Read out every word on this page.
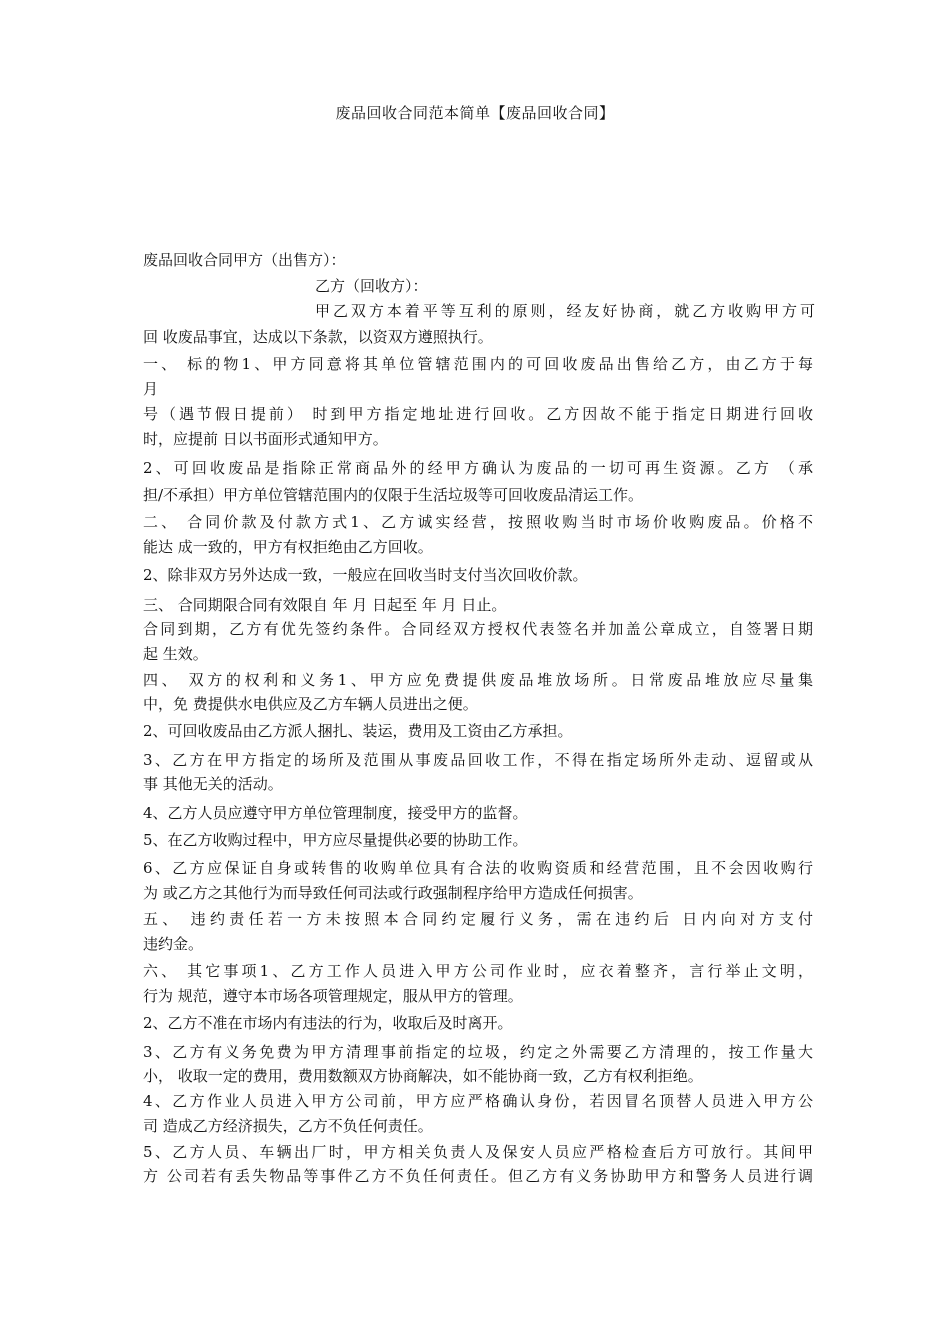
废品回收合同范本简单【废品回收合同】
废品回收合同甲方（出售方）：
乙方（回收方）：
甲乙双方本着平等互利的原则，经友好协商，就乙方收购甲方可
回 收废品事宜，达成以下条款，以资双方遵照执行。
一、 标的物1、甲方同意将其单位管辖范围内的可回收废品出售给乙方，由乙方于每
月
号（遇节假日提前） 时到甲方指定地址进行回收。乙方因故不能于指定日期进行回收
时，应提前 日以书面形式通知甲方。
2、可回收废品是指除正常商品外的经甲方确认为废品的一切可再生资源。乙方 （承
担/不承担）甲方单位管辖范围内的仅限于生活垃圾等可回收废品清运工作。
二、 合同价款及付款方式1、乙方诚实经营，按照收购当时市场价收购废品。价格不
能达 成一致的，甲方有权拒绝由乙方回收。
2、除非双方另外达成一致，一般应在回收当时支付当次回收价款。
三、 合同期限合同有效限自 年 月 日起至 年 月 日止。
合同到期，乙方有优先签约条件。合同经双方授权代表签名并加盖公章成立，自签署日期
起 生效。
四、 双方的权利和义务1、甲方应免费提供废品堆放场所。日常废品堆放应尽量集
中，免 费提供水电供应及乙方车辆人员进出之便。
2、可回收废品由乙方派人捆扎、装运，费用及工资由乙方承担。
3、乙方在甲方指定的场所及范围从事废品回收工作，不得在指定场所外走动、逗留或从
事 其他无关的活动。
4、乙方人员应遵守甲方单位管理制度，接受甲方的监督。
5、在乙方收购过程中，甲方应尽量提供必要的协助工作。
6、乙方应保证自身或转售的收购单位具有合法的收购资质和经营范围，且不会因收购行
为 或乙方之其他行为而导致任何司法或行政强制程序给甲方造成任何损害。
五、 违约责任若一方未按照本合同约定履行义务，需在违约后 日内向对方支付
违约金。
六、 其它事项1、乙方工作人员进入甲方公司作业时，应衣着整齐，言行举止文明，
行为 规范，遵守本市场各项管理规定，服从甲方的管理。
2、乙方不准在市场内有违法的行为，收取后及时离开。
3、乙方有义务免费为甲方清理事前指定的垃圾，约定之外需要乙方清理的，按工作量大
小， 收取一定的费用，费用数额双方协商解决，如不能协商一致，乙方有权利拒绝。
4、乙方作业人员进入甲方公司前，甲方应严格确认身份，若因冒名顶替人员进入甲方公
司 造成乙方经济损失，乙方不负任何责任。
5、乙方人员、车辆出厂时，甲方相关负责人及保安人员应严格检查后方可放行。其间甲
方 公司若有丢失物品等事件乙方不负任何责任。但乙方有义务协助甲方和警务人员进行调
